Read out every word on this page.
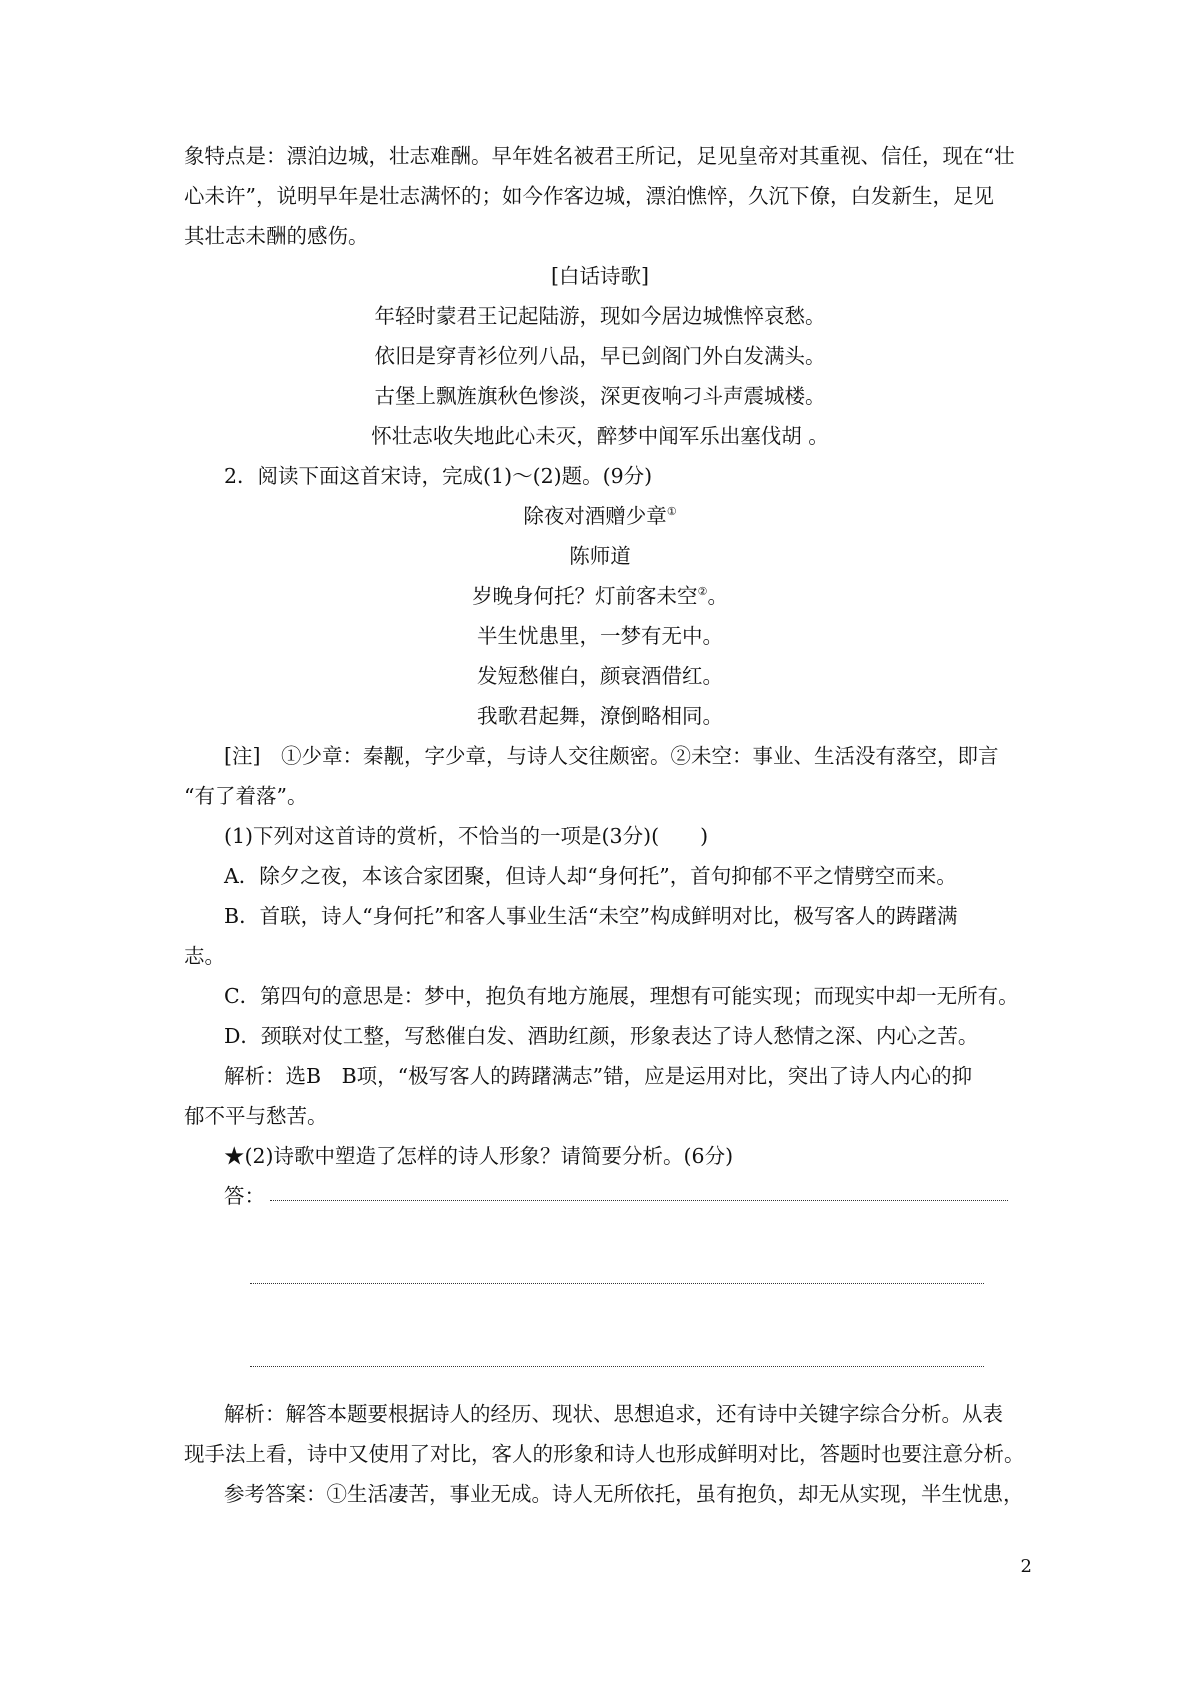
象特点是：漂泊边城，壮志难酬。早年姓名被君王所记，足见皇帝对其重视、信任，现在“壮

心未许”，说明早年是壮志满怀的；如今作客边城，漂泊憔悴，久沉下僚，白发新生，足见

其壮志未酬的感伤。

[白话诗歌]

年轻时蒙君王记起陆游，现如今居边城憔悴哀愁。

依旧是穿青衫位列八品，早已剑阁门外白发满头。

古堡上飘旌旗秋色惨淡，深更夜响刁斗声震城楼。

怀壮志收失地此心未灭，醉梦中闻军乐出塞伐胡 。

2．阅读下面这首宋诗，完成(1)～(2)题。(9分)

除夜对酒赠少章①

陈师道

岁晚身何托？灯前客未空②。

半生忧患里，一梦有无中。

发短愁催白，颜衰酒借红。

我歌君起舞，潦倒略相同。

[注]　①少章：秦觏，字少章，与诗人交往颇密。②未空：事业、生活没有落空，即言

“有了着落”。

(1)下列对这首诗的赏析，不恰当的一项是(3分)(　　)

A．除夕之夜，本该合家团聚，但诗人却“身何托”，首句抑郁不平之情劈空而来。

B．首联，诗人“身何托”和客人事业生活“未空”构成鲜明对比，极写客人的踌躇满

志。

C．第四句的意思是：梦中，抱负有地方施展，理想有可能实现；而现实中却一无所有。

D．颈联对仗工整，写愁催白发、酒助红颜，形象表达了诗人愁情之深、内心之苦。

解析：选B　B项，“极写客人的踌躇满志”错，应是运用对比，突出了诗人内心的抑

郁不平与愁苦。

★(2)诗歌中塑造了怎样的诗人形象？请简要分析。(6分)

答：

解析：解答本题要根据诗人的经历、现状、思想追求，还有诗中关键字综合分析。从表

现手法上看，诗中又使用了对比，客人的形象和诗人也形成鲜明对比，答题时也要注意分析。

参考答案：①生活凄苦，事业无成。诗人无所依托，虽有抱负，却无从实现，半生忧患，

2
